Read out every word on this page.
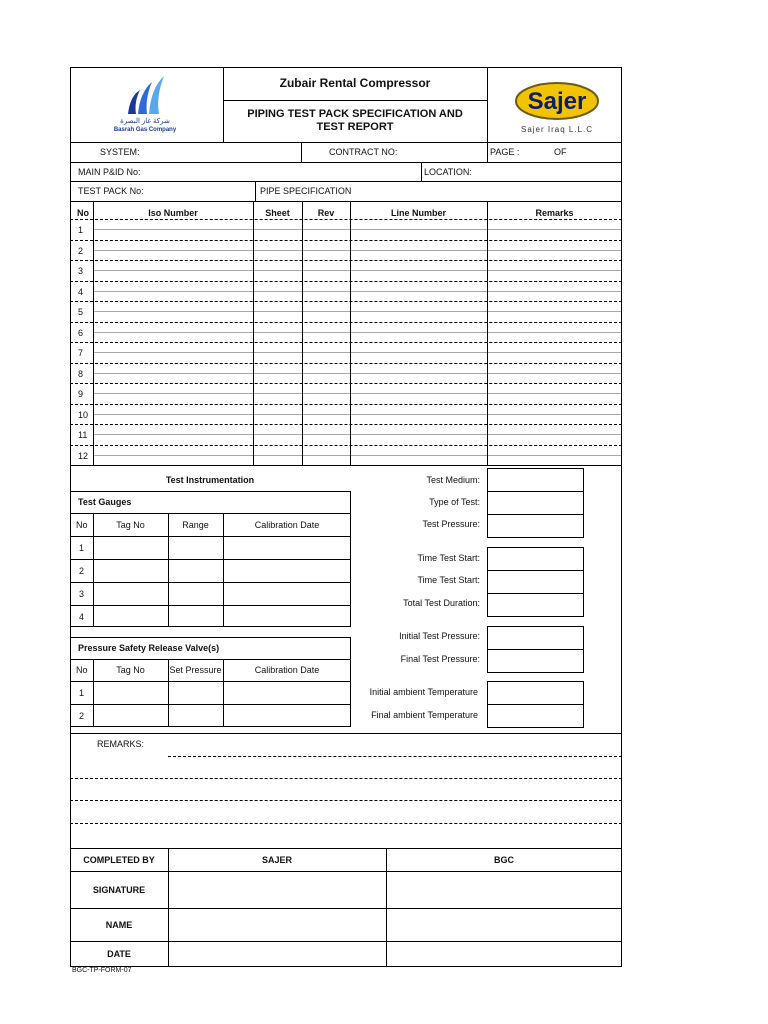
شركة غاز البصرة
Basrah Gas Company
Zubair Rental Compressor
PIPING TEST PACK SPECIFICATION AND TEST REPORT
Sajer
Sajer Iraq L.L.C
SYSTEM:	CONTRACT NO:	PAGE :	OF
MAIN P&ID No:	LOCATION:
TEST PACK No:	PIPE SPECIFICATION
No	Iso Number	Sheet	Rev	Line Number	Remarks
1
2
3
4
5
6
7
8
9
10
11
12
Test Instrumentation
Test Gauges
No	Tag No	Range	Calibration Date
1
2
3
4
Pressure Safety Release Valve(s)
No	Tag No	Set Pressure	Calibration Date
1
2
Test Medium:
Type of Test:
Test Pressure:
Time Test Start:
Time Test Start:
Total Test Duration:
Initial Test Pressure:
Final Test Pressure:
Initial ambient Temperature
Final ambient Temperature
REMARKS:
COMPLETED BY	SAJER	BGC
SIGNATURE
NAME
DATE
BGC-TP-FORM-07
